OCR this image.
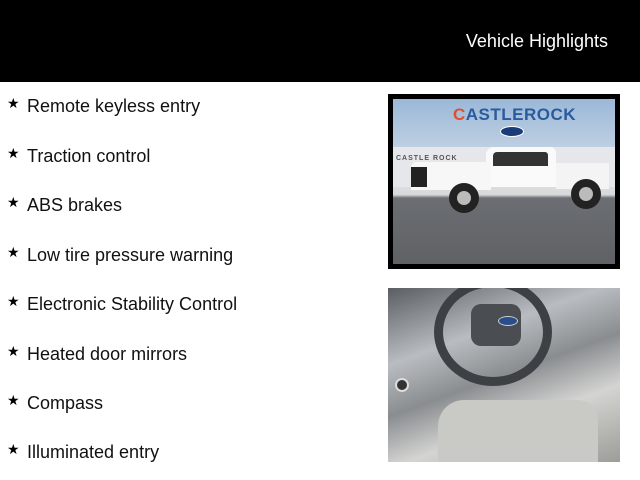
Vehicle Highlights
★ Remote keyless entry
★ Traction control
★ ABS brakes
★ Low tire pressure warning
★ Electronic Stability Control
★ Heated door mirrors
★ Compass
★ Illuminated entry
CASTLE ROCK
CASTLEROCK
